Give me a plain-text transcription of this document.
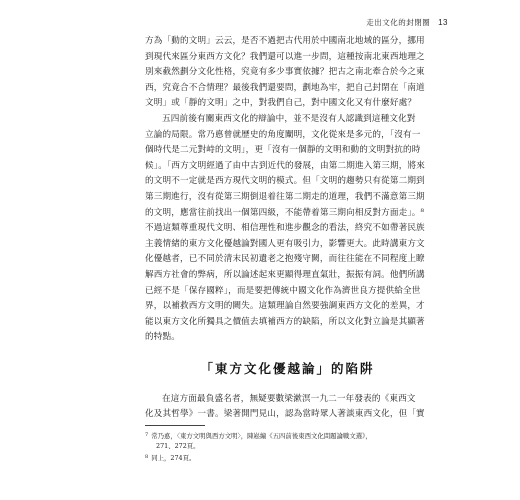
走出文化的封閉圈 13
方為「動的文明」云云，是否不過把古代用於中國南北地域的區分，挪用
到現代來區分東西方文化？我們還可以進一步問，這種按南北東西地理之
別來截然劃分文化性格，究竟有多少事實依據？把古之南北牽合於今之東
西，究竟合不合情理？最後我們還要問，劃地為牢，把自己封閉在「南道
文明」或「靜的文明」之中，對我們自己，對中國文化又有什麼好處？
五四前後有關東西文化的辯論中，並不是沒有人認識到這種文化對
立論的局限。常乃悳曾就歷史的角度闡明，文化從來是多元的，「沒有一
個時代是二元對峙的文明」，更「沒有一個靜的文明和動的文明對抗的時
候」。「西方文明經過了由中古到近代的發展，由第二期進入第三期，將來
的文明不一定就是西方現代文明的模式。但「文明的趨勢只有從第二期到
第三期進行，沒有從第三期倒退着往第二期走的道理，我們不滿意第三期
的文明，應當往前找出一個第四級，不能帶着第三期向相反對方面走」。⁸
不過這類尊重現代文明、相信理性和進步觀念的看法，終究不如帶著民族
主義情緒的東方文化優越論對國人更有吸引力，影響更大。此時講東方文
化優越者，已不同於清末民初遺老之抱殘守闕，而往往能在不同程度上瞭
解西方社會的弊病，所以論述起來更顯得理直氣壯，振振有詞。他們所講
已經不是「保存國粹」，而是要把傳統中國文化作為濟世良方提供給全世
界，以補救西方文明的闕失。這類理論自然要強調東西方文化的差異，才
能以東方文化所獨具之價值去填補西方的缺陷，所以文化對立論是其顯著
的特點。
「東方文化優越論」的陷阱
在這方面最負盛名者，無疑要數梁漱溟一九二一年發表的《東西文
化及其哲學》一書。梁著開門見山，認為當時眾人著談東西文化，但「實
$^7$ 常乃悳，〈東方文明與西方文明〉，陳崧編《五四前後東西文化問題論戰文選》，
271、272頁。
$^8$ 同上，274頁。
